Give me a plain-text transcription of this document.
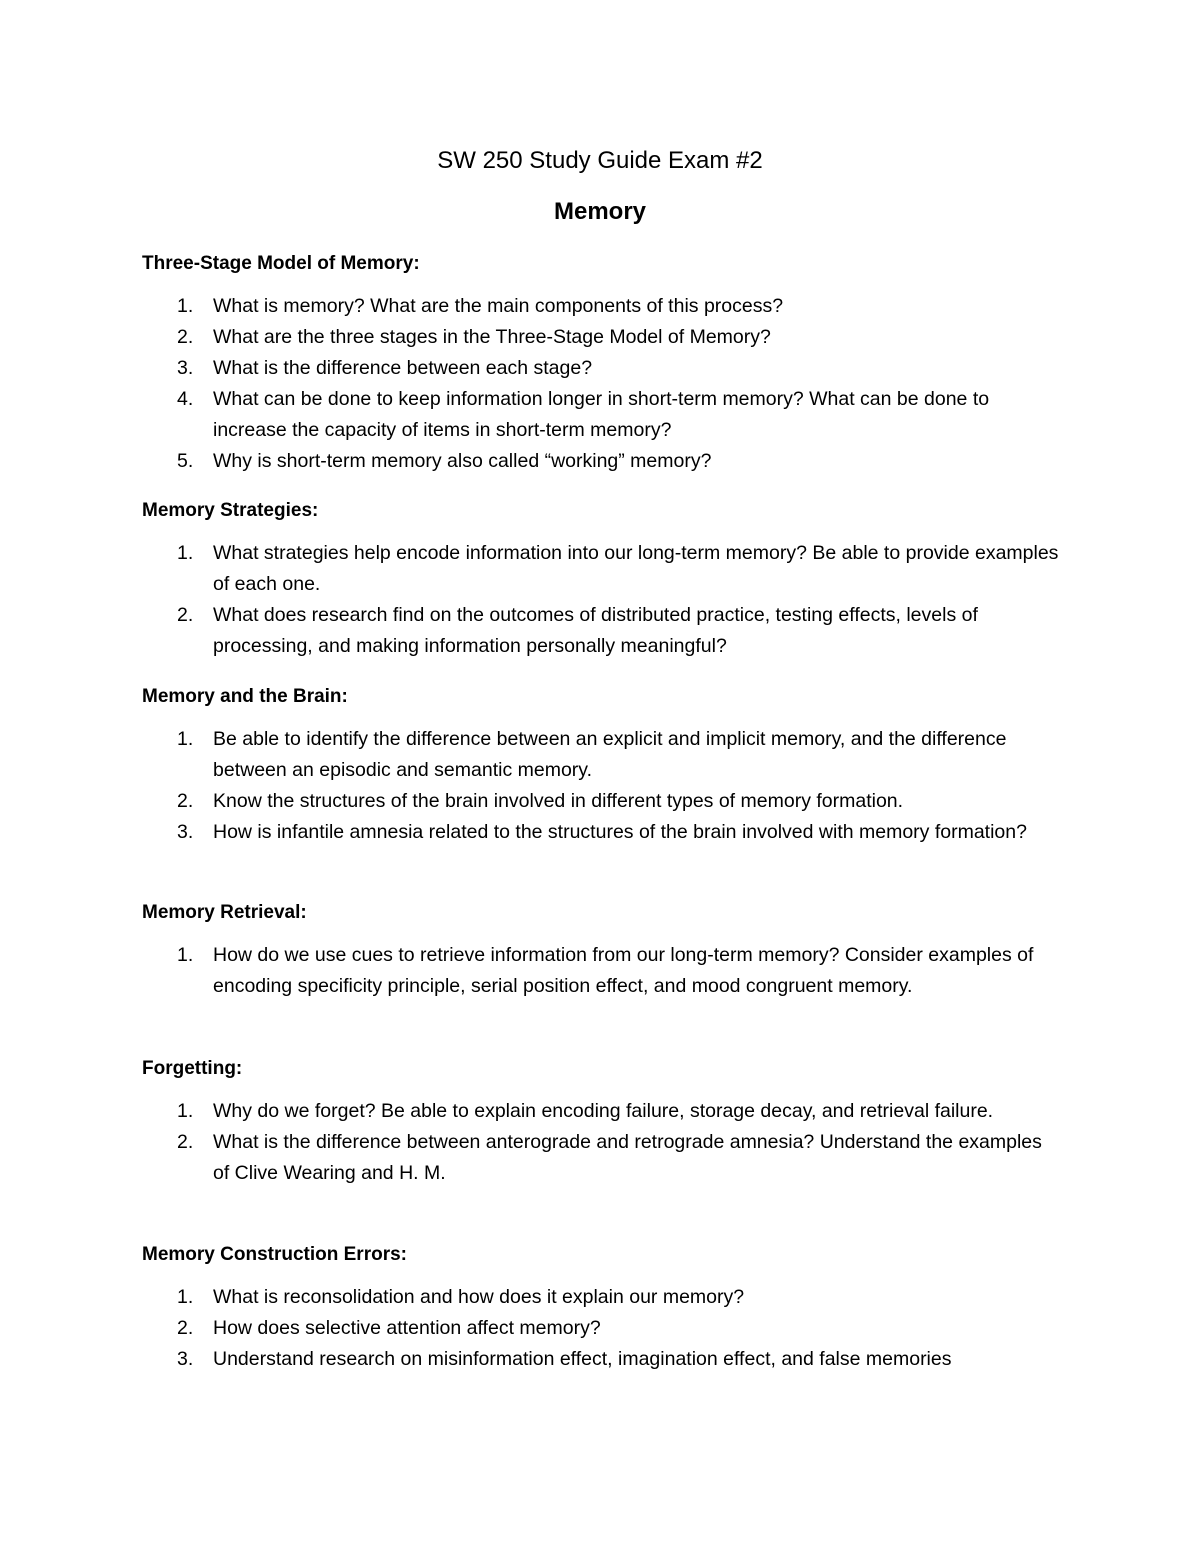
SW 250 Study Guide Exam #2
Memory
Three-Stage Model of Memory:
1. What is memory? What are the main components of this process?
2. What are the three stages in the Three-Stage Model of Memory?
3. What is the difference between each stage?
4. What can be done to keep information longer in short-term memory? What can be done to increase the capacity of items in short-term memory?
5. Why is short-term memory also called “working” memory?
Memory Strategies:
1. What strategies help encode information into our long-term memory? Be able to provide examples of each one.
2. What does research find on the outcomes of distributed practice, testing effects, levels of processing, and making information personally meaningful?
Memory and the Brain:
1. Be able to identify the difference between an explicit and implicit memory, and the difference between an episodic and semantic memory.
2. Know the structures of the brain involved in different types of memory formation.
3. How is infantile amnesia related to the structures of the brain involved with memory formation?
Memory Retrieval:
1. How do we use cues to retrieve information from our long-term memory? Consider examples of encoding specificity principle, serial position effect, and mood congruent memory.
Forgetting:
1. Why do we forget? Be able to explain encoding failure, storage decay, and retrieval failure.
2. What is the difference between anterograde and retrograde amnesia? Understand the examples of Clive Wearing and H. M.
Memory Construction Errors:
1. What is reconsolidation and how does it explain our memory?
2. How does selective attention affect memory?
3. Understand research on misinformation effect, imagination effect, and false memories
